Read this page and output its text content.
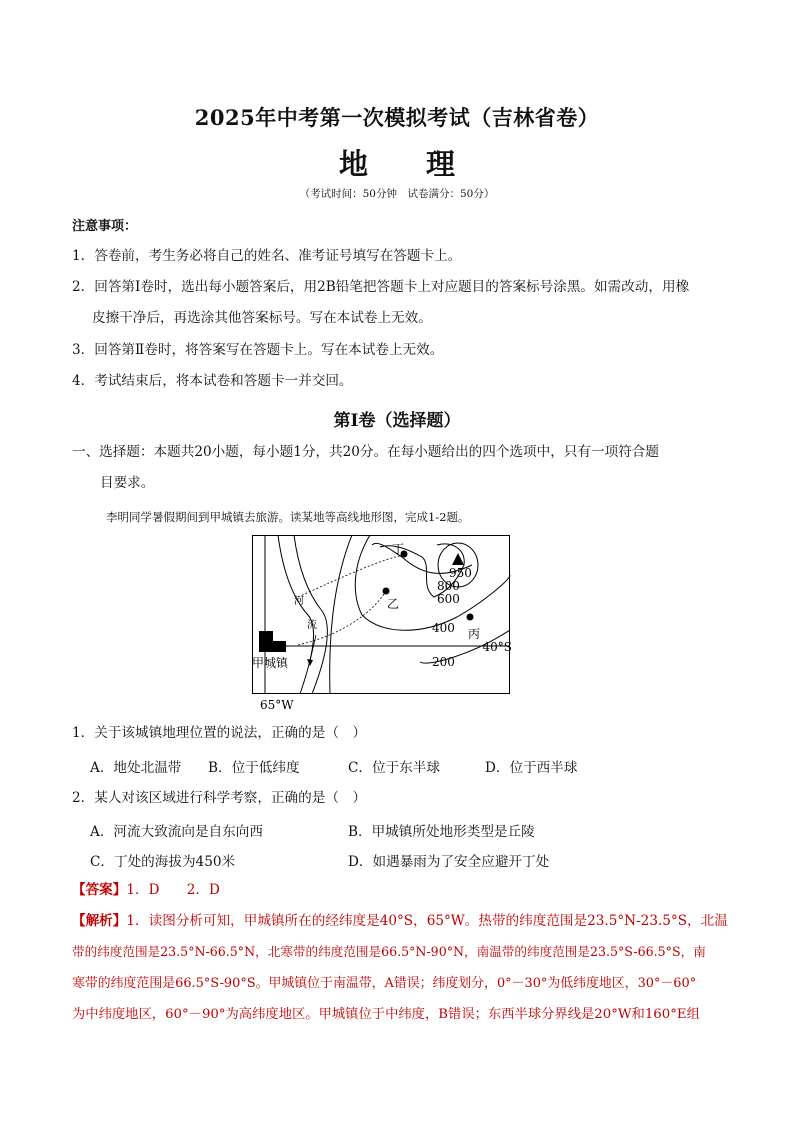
2025年中考第一次模拟考试（吉林省卷）
地 理
（考试时间：50分钟　试卷满分：50分）
注意事项：
1．答卷前，考生务必将自己的姓名、准考证号填写在答题卡上。
2．回答第Ⅰ卷时，选出每小题答案后，用2B铅笔把答题卡上对应题目的答案标号涂黑。如需改动，用橡
皮擦干净后，再选涂其他答案标号。写在本试卷上无效。
3．回答第Ⅱ卷时，将答案写在答题卡上。写在本试卷上无效。
4．考试结束后，将本试卷和答题卡一并交回。
第Ⅰ卷（选择题）
一、选择题：本题共20小题，每小题1分，共20分。在每小题给出的四个选项中，只有一项符合题
目要求。
李明同学暑假期间到甲城镇去旅游。读某地等高线地形图，完成1-2题。
丁
乙
丙
甲城镇
河
流
950
800
600
400
200
40°S
65°W
1．关于该城镇地理位置的说法，正确的是（　）
A．地处北温带 B．位于低纬度	C．位于东半球	D．位于西半球
2．某人对该区域进行科学考察，正确的是（　）
A．河流大致流向是自东向西	B．甲城镇所处地形类型是丘陵
C．丁处的海拔为450米	D．如遇暴雨为了安全应避开丁处
【答案】1．D　　2．D
【解析】1．读图分析可知，甲城镇所在的经纬度是40°S，65°W。热带的纬度范围是23.5°N-23.5°S，北温
带的纬度范围是23.5°N-66.5°N，北寒带的纬度范围是66.5°N-90°N，南温带的纬度范围是23.5°S-66.5°S，南
寒带的纬度范围是66.5°S-90°S。甲城镇位于南温带，A错误；纬度划分，0°－30°为低纬度地区，30°－60°
为中纬度地区，60°－90°为高纬度地区。甲城镇位于中纬度，B错误；东西半球分界线是20°W和160°E组
